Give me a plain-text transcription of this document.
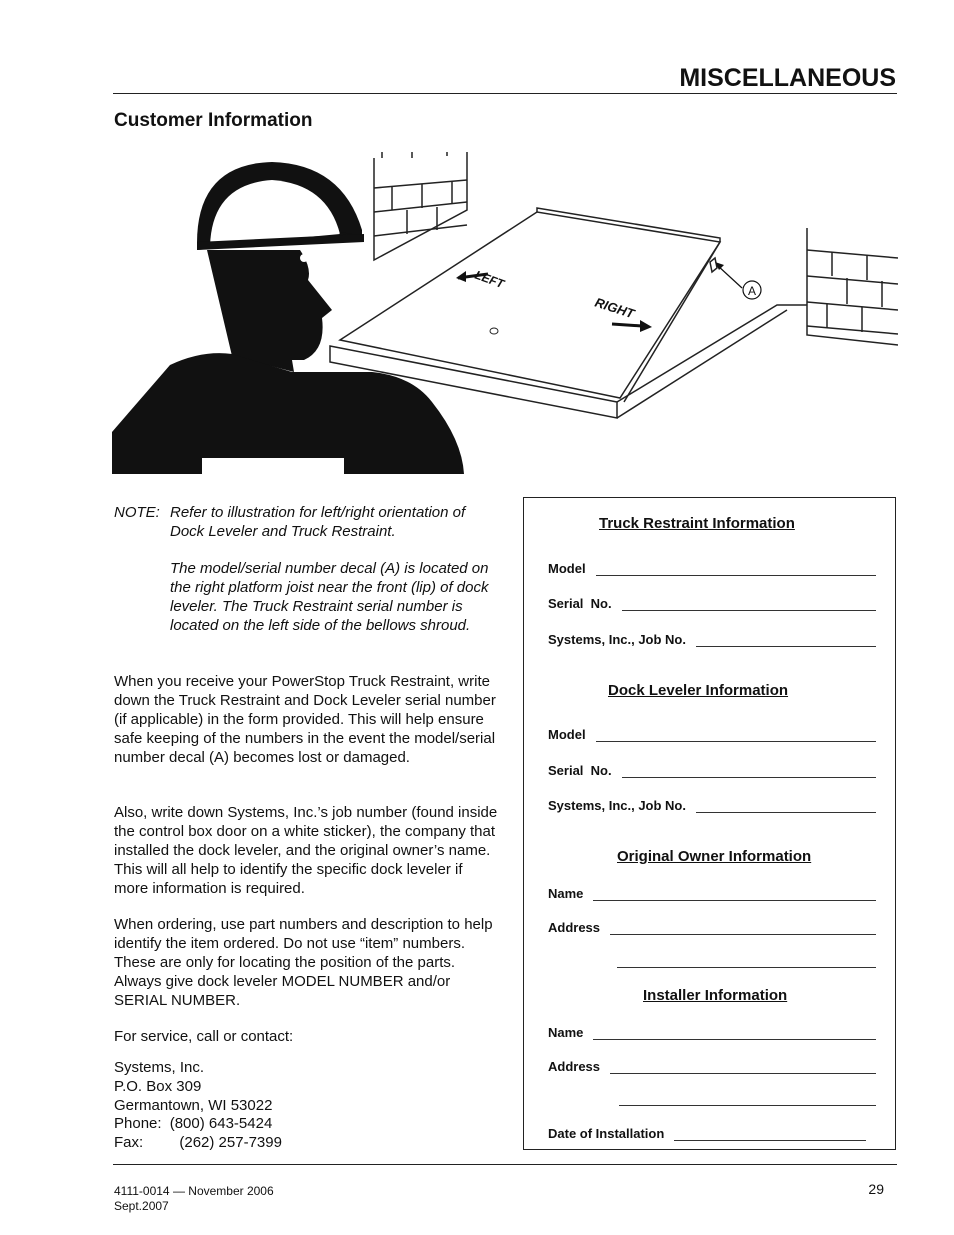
MISCELLANEOUS
Customer Information
LEFT
RIGHT
A
NOTE: Refer to illustration for left/right orientation of Dock Leveler and Truck Restraint.
The model/serial number decal (A) is located on the right platform joist near the front (lip) of dock leveler. The Truck Restraint serial number is located on the left side of the bellows shroud.
When you receive your PowerStop Truck Restraint, write down the Truck Restraint and Dock Leveler serial number (if applicable) in the form provided. This will help ensure safe keeping of the numbers in the event the model/serial number decal (A) becomes lost or damaged.
Also, write down Systems, Inc.’s job number (found inside the control box door on a white sticker), the company that installed the dock leveler, and the original owner’s name. This will all help to identify the specific dock leveler if more information is required.
When ordering, use part numbers and description to help identify the item ordered. Do not use “item” numbers. These are only for locating the position of the parts. Always give dock leveler MODEL NUMBER and/or SERIAL NUMBER.
For service, call or contact:
Systems, Inc.
P.O. Box 309
Germantown, WI 53022
Phone: (800) 643-5424
Fax: (262) 257-7399
Truck Restraint Information
Model
Serial  No.
Systems, Inc., Job No.
Dock Leveler Information
Model
Serial  No.
Systems, Inc., Job No.
Original Owner Information
Name
Address
Installer Information
Name
Address
Date of Installation
4111-0014 — November 2006
Sept.2007
29
